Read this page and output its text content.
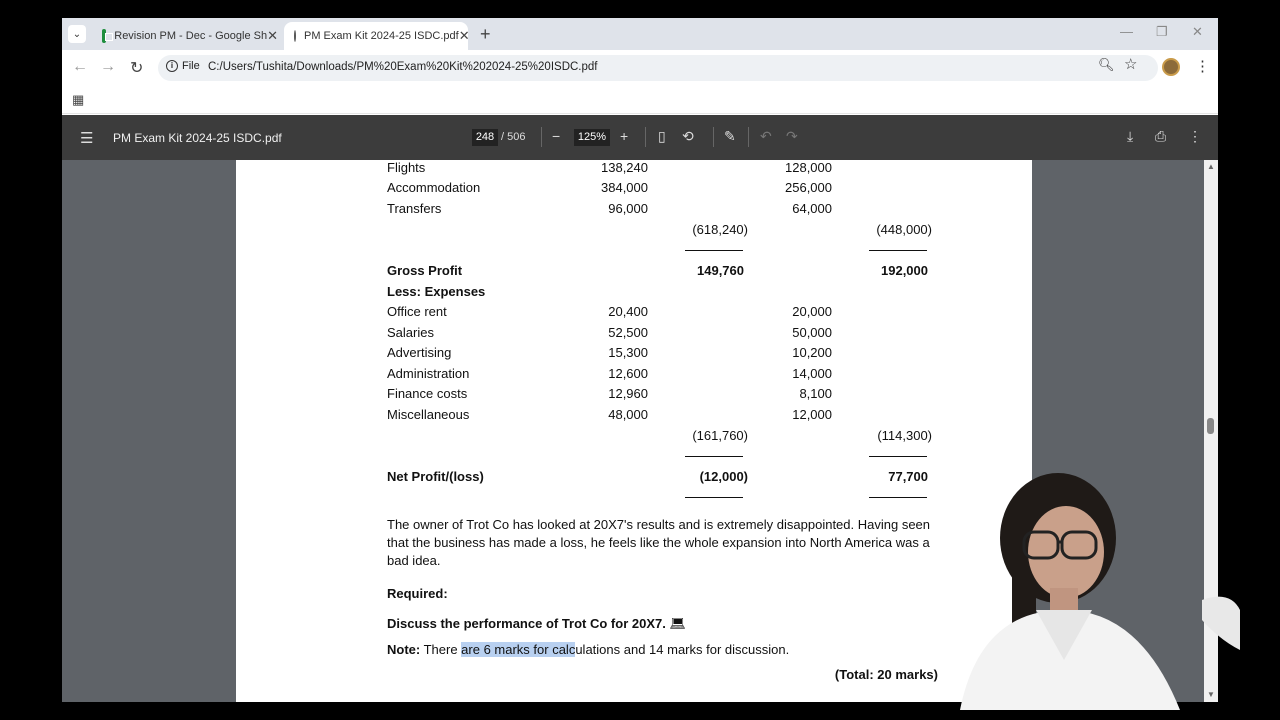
⌄	Revision PM - Dec - Google Sh ✕	PM Exam Kit 2024-25 ISDC.pdf ✕ +	— ❐ ✕
← → ↻	i File C:/Users/Tushita/Downloads/PM%20Exam%20Kit%202024-25%20ISDC.pdf	🔍︎ ☆	⋮
▦
☰ PM Exam Kit 2024-25 ISDC.pdf	248 / 506 −	125% + ▯ ⟲ ✎ ↶ ↷	⤓ ⎙ ⋮
Flights	138,240	128,000
Accommodation	384,000	256,000
Transfers	96,000	64,000
(618,240)	(448,000)
Gross Profit	149,760	192,000
Less: Expenses
Office rent	20,400	20,000
Salaries	52,500	50,000
Advertising	15,300	10,200
Administration	12,600	14,000
Finance costs	12,960	8,100
Miscellaneous	48,000	12,000
(161,760)	(114,300)
Net Profit/(loss)	(12,000)	77,700
The owner of Trot Co has looked at 20X7's results and is extremely disappointed. Having seen that the business has made a loss, he feels like the whole expansion into North America was a bad idea.
Required:
Discuss the performance of Trot Co for 20X7. 💻︎
Note: There are 6 marks for calculations and 14 marks for discussion.
(Total: 20 marks)
▲
▼
